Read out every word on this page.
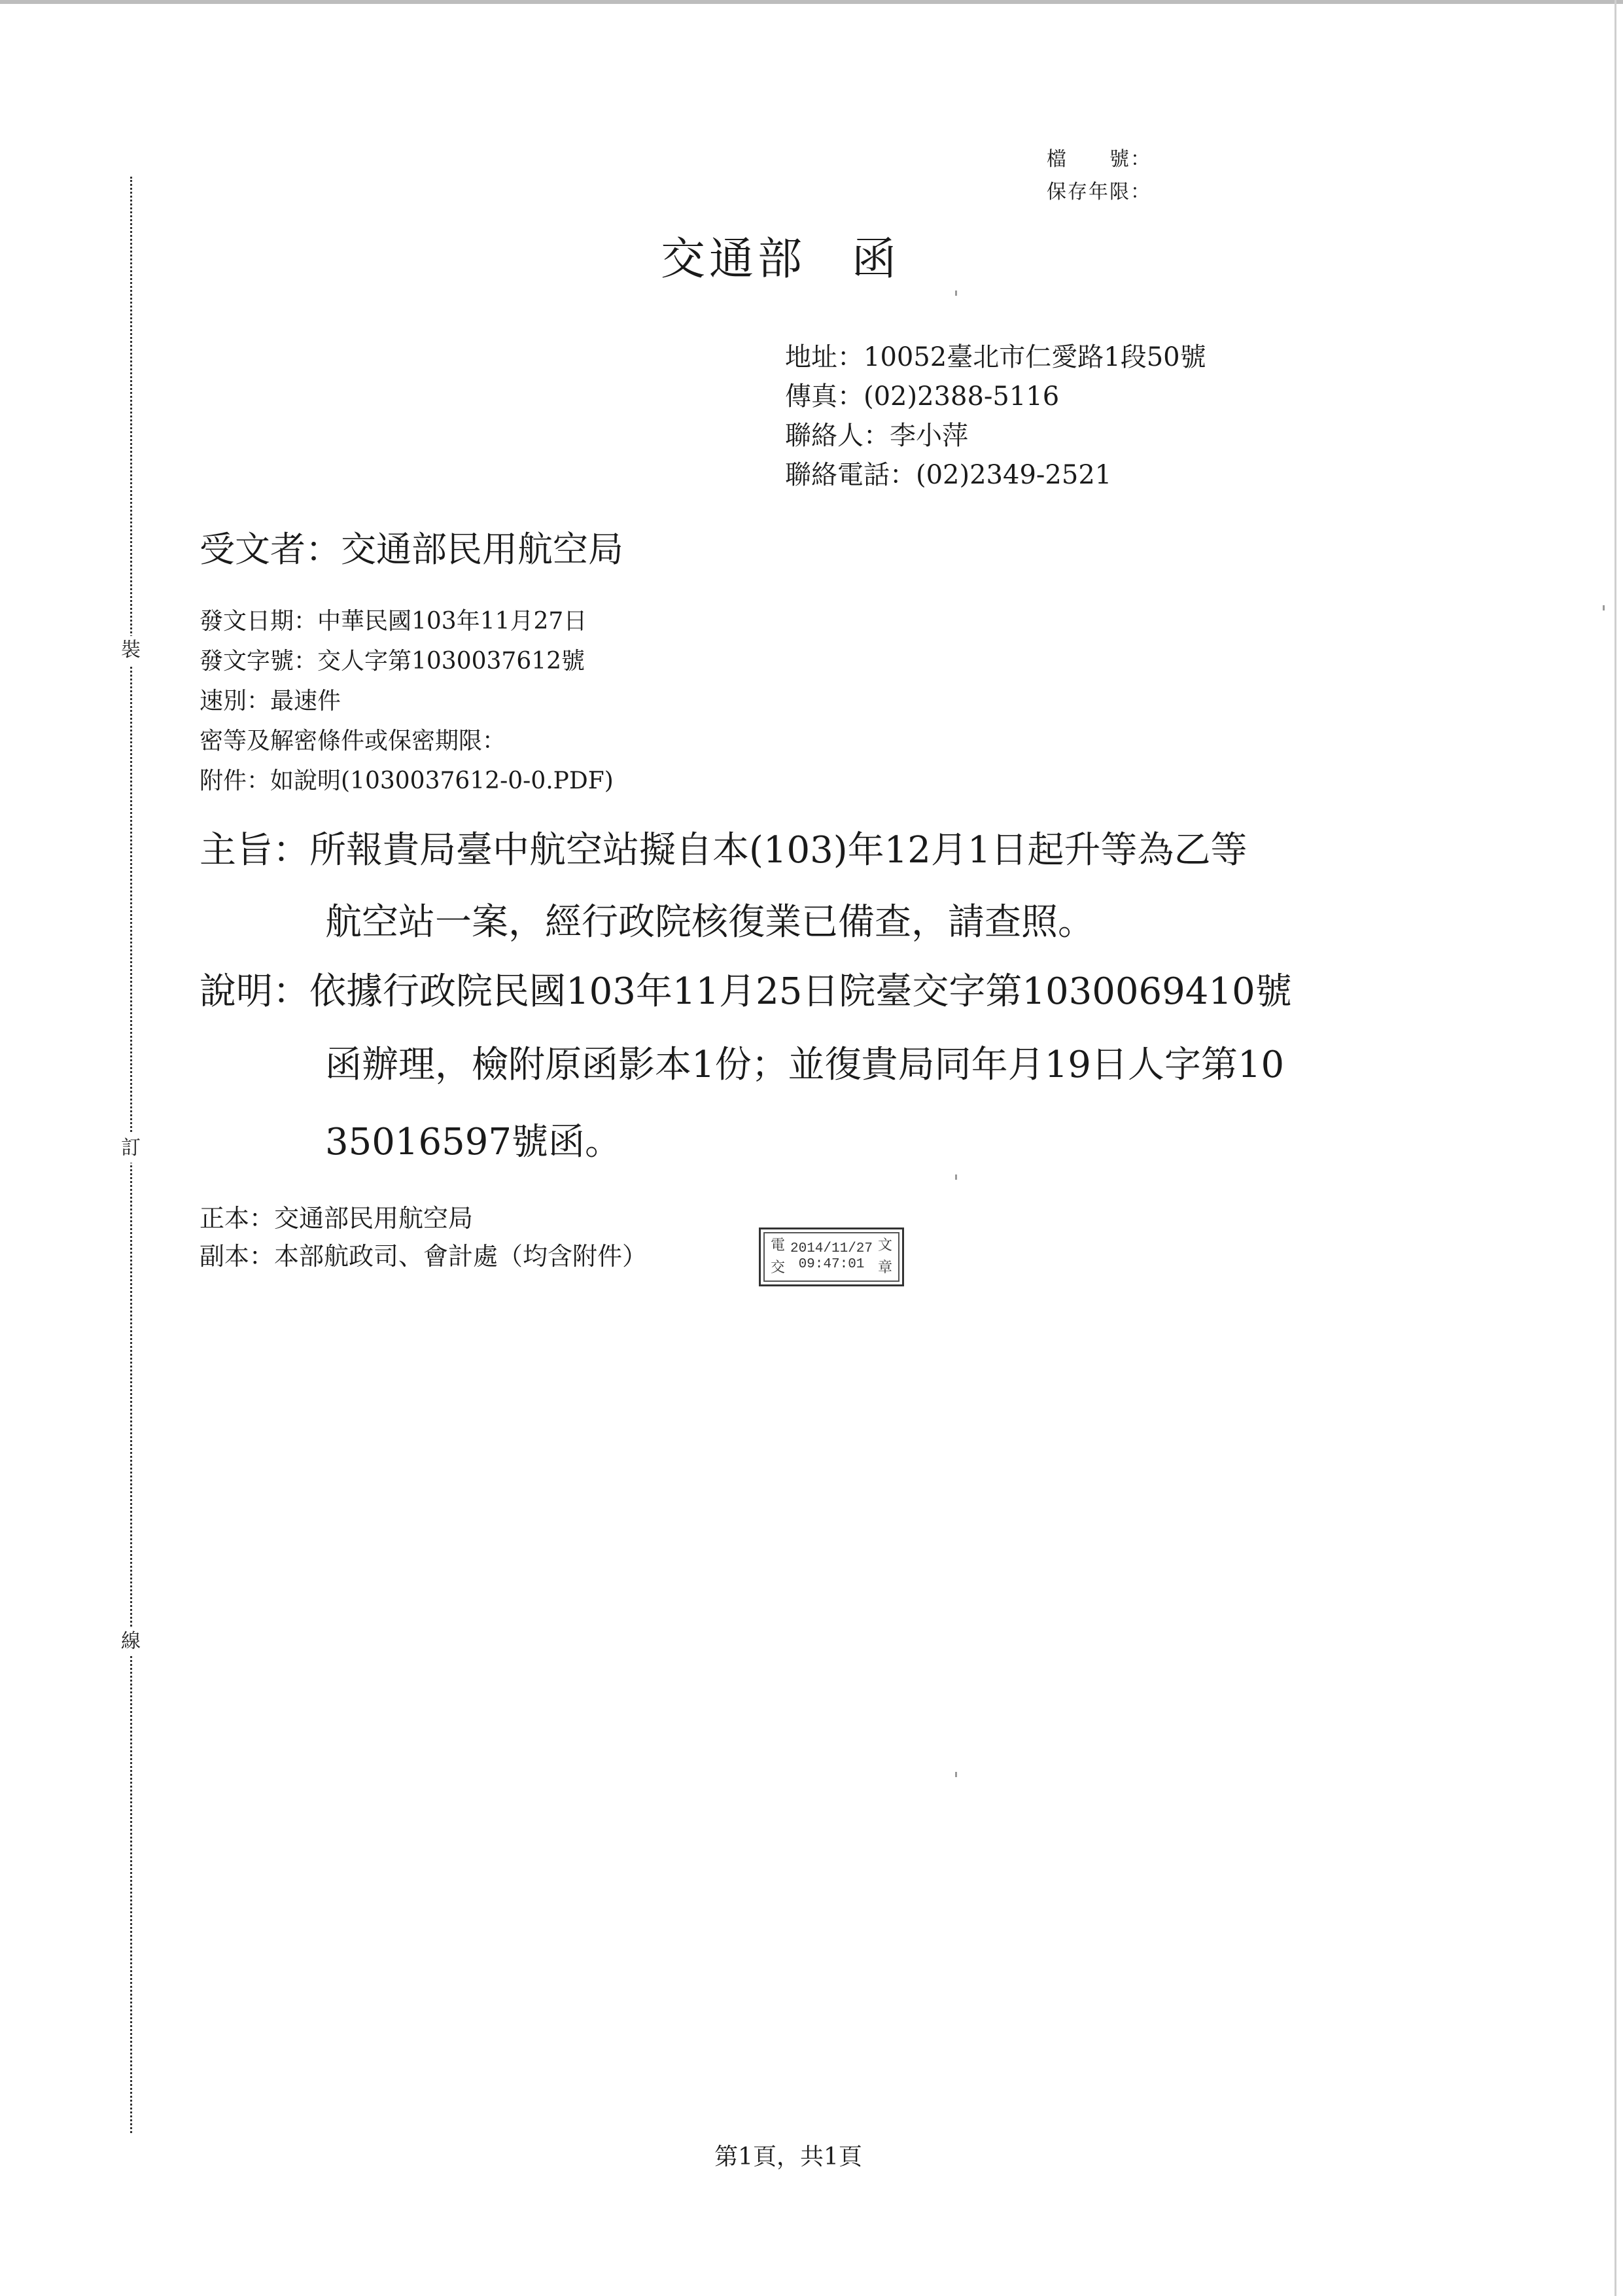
裝
訂
線
檔　　號：
保存年限：
交通部 函
地址：10052臺北市仁愛路1段50號
傳真：(02)2388-5116
聯絡人：李小萍
聯絡電話：(02)2349-2521
受文者：交通部民用航空局
發文日期：中華民國103年11月27日
發文字號：交人字第1030037612號
速別：最速件
密等及解密條件或保密期限：
附件：如說明(1030037612-0-0.PDF)
主旨：所報貴局臺中航空站擬自本(103)年12月1日起升等為乙等
航空站一案，經行政院核復業已備查，請查照。
說明：依據行政院民國103年11月25日院臺交字第1030069410號
函辦理，檢附原函影本1份；並復貴局同年月19日人字第10
35016597號函。
正本：交通部民用航空局
副本：本部航政司、會計處（均含附件）	電交
2014/11/27
09:47:01
文章
第1頁，共1頁
